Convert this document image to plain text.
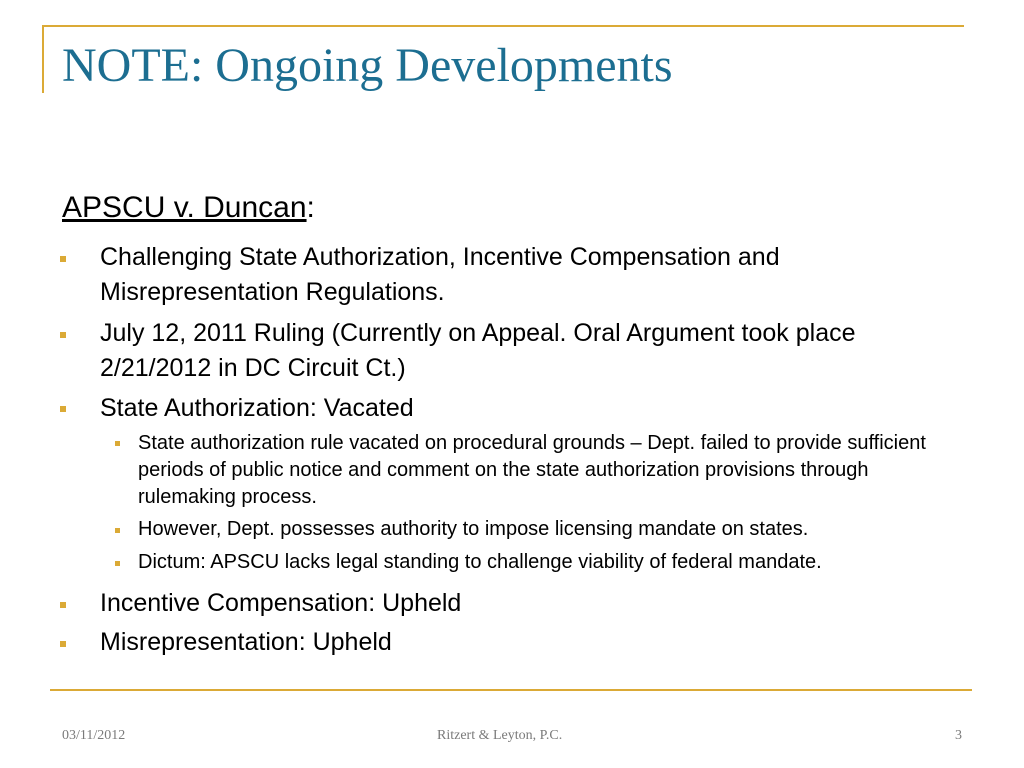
NOTE: Ongoing Developments
APSCU v. Duncan:
Challenging State Authorization, Incentive Compensation and Misrepresentation Regulations.
July 12, 2011 Ruling (Currently on Appeal. Oral Argument took place 2/21/2012 in DC Circuit Ct.)
State Authorization: Vacated
State authorization rule vacated on procedural grounds – Dept. failed to provide sufficient periods of public notice and comment on the state authorization provisions through rulemaking process.
However, Dept. possesses authority to impose licensing mandate on states.
Dictum: APSCU lacks legal standing to challenge viability of federal mandate.
Incentive Compensation: Upheld
Misrepresentation: Upheld
03/11/2012	Ritzert & Leyton, P.C.	3
